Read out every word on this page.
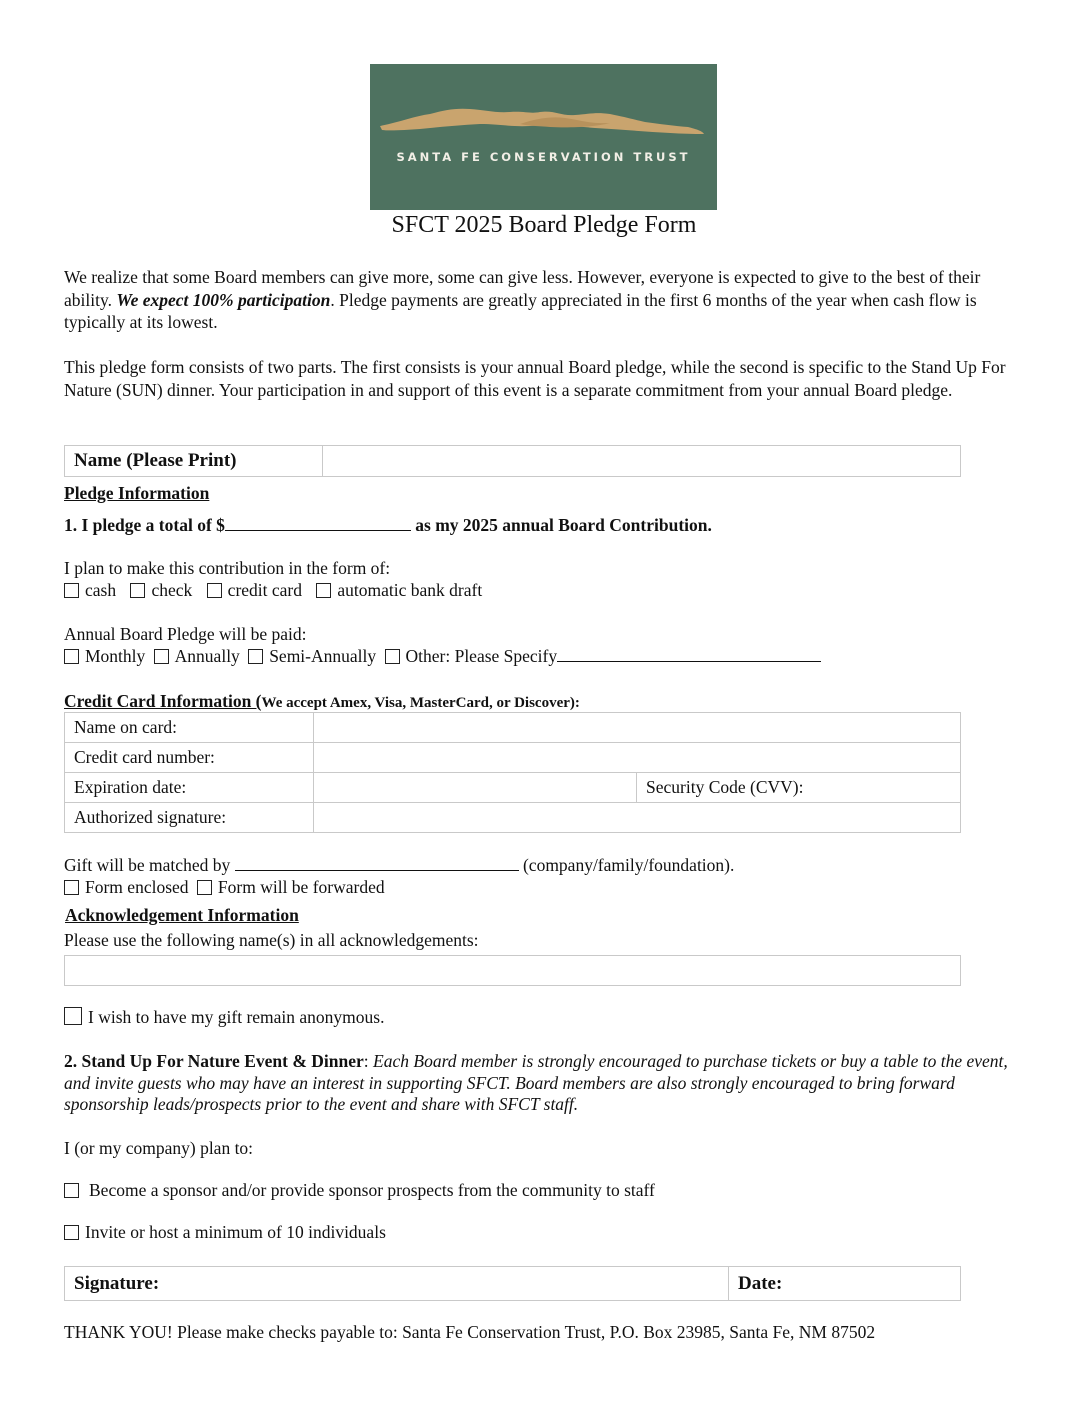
SANTA FE CONSERVATION TRUST
SFCT 2025 Board Pledge Form
We realize that some Board members can give more, some can give less. However, everyone is expected to give to the best of their ability. We expect 100% participation. Pledge payments are greatly appreciated in the first 6 months of the year when cash flow is typically at its lowest.
This pledge form consists of two parts. The first consists is your annual Board pledge, while the second is specific to the Stand Up For Nature (SUN) dinner. Your participation in and support of this event is a separate commitment from your annual Board pledge.
Name (Please Print)
Pledge Information
1. I pledge a total of $	as my 2025 annual Board Contribution.
I plan to make this contribution in the form of:
cash check credit card automatic bank draft
Annual Board Pledge will be paid:
Monthly Annually Semi-Annually Other: Please Specify
Credit Card Information (We accept Amex, Visa, MasterCard, or Discover):
Name on card:
Credit card number:
Expiration date:	Security Code (CVV):
Authorized signature:
Gift will be matched by	(company/family/foundation).
Form enclosed Form will be forwarded
Acknowledgement Information
Please use the following name(s) in all acknowledgements:
I wish to have my gift remain anonymous.
2. Stand Up For Nature Event & Dinner: Each Board member is strongly encouraged to purchase tickets or buy a table to the event, and invite guests who may have an interest in supporting SFCT. Board members are also strongly encouraged to bring forward sponsorship leads/prospects prior to the event and share with SFCT staff.
I (or my company) plan to:
Become a sponsor and/or provide sponsor prospects from the community to staff
Invite or host a minimum of 10 individuals
Signature:	Date:
THANK YOU! Please make checks payable to: Santa Fe Conservation Trust, P.O. Box 23985, Santa Fe, NM 87502
